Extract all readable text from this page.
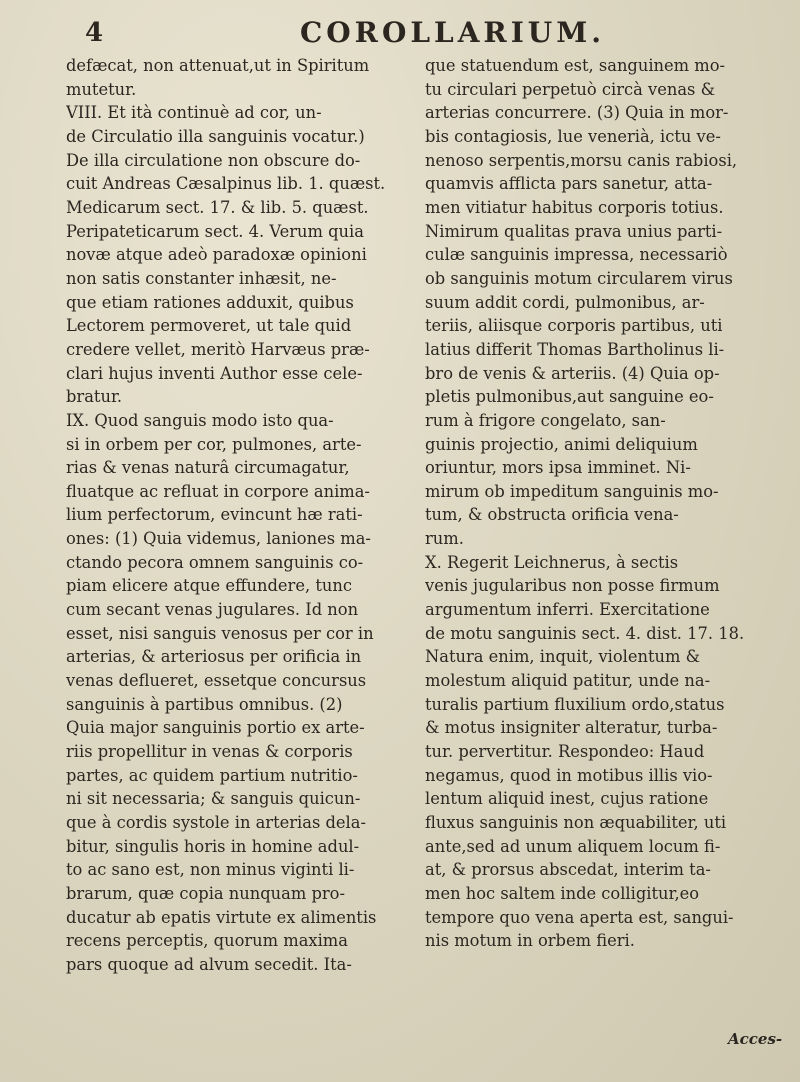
4	COROLLARIUM.
defæcat, non attenuat,ut in Spiritum
mutetur.
VIII. Et ità continuè ad cor, un-
de Circulatio illa sanguinis vocatur.)
De illa circulatione non obscure do-
cuit Andreas Cæsalpinus lib. 1. quæst.
Medicarum sect. 17. & lib. 5. quæst.
Peripateticarum sect. 4. Verum quia
novæ atque adeò paradoxæ opinioni
non satis constanter inhæsit, ne-
que etiam rationes adduxit, quibus
Lectorem permoveret, ut tale quid
credere vellet, meritò Harvæus præ-
clari hujus inventi Author esse cele-
bratur.
IX. Quod sanguis modo isto qua-
si in orbem per cor, pulmones, arte-
rias & venas naturâ circumagatur,
fluatque ac refluat in corpore anima-
lium perfectorum, evincunt hæ rati-
ones: (1) Quia videmus, laniones ma-
ctando pecora omnem sanguinis co-
piam elicere atque effundere, tunc
cum secant venas jugulares. Id non
esset, nisi sanguis venosus per cor in
arterias, & arteriosus per orificia in
venas deflueret, essetque concursus
sanguinis à partibus omnibus. (2)
Quia major sanguinis portio ex arte-
riis propellitur in venas & corporis
partes, ac quidem partium nutritio-
ni sit necessaria; & sanguis quicun-
que à cordis systole in arterias dela-
bitur, singulis horis in homine adul-
to ac sano est, non minus viginti li-
brarum, quæ copia nunquam pro-
ducatur ab epatis virtute ex alimentis
recens perceptis, quorum maxima
pars quoque ad alvum secedit. Ita-
que statuendum est, sanguinem mo-
tu circulari perpetuò circà venas &
arterias concurrere. (3) Quia in mor-
bis contagiosis, lue venerià, ictu ve-
nenoso serpentis,morsu canis rabiosi,
quamvis afflicta pars sanetur, atta-
men vitiatur habitus corporis totius.
Nimirum qualitas prava unius parti-
culæ sanguinis impressa, necessariò
ob sanguinis motum circularem virus
suum addit cordi, pulmonibus, ar-
teriis, aliisque corporis partibus, uti
latius differit Thomas Bartholinus li-
bro de venis & arteriis. (4) Quia op-
pletis pulmonibus,aut sanguine eo-
rum à frigore congelato, san-
guinis projectio, animi deliquium
oriuntur, mors ipsa imminet. Ni-
mirum ob impeditum sanguinis mo-
tum, & obstructa orificia vena-
rum.
X. Regerit Leichnerus, à sectis
venis jugularibus non posse firmum
argumentum inferri. Exercitatione
de motu sanguinis sect. 4. dist. 17. 18.
Natura enim, inquit, violentum &
molestum aliquid patitur, unde na-
turalis partium fluxilium ordo,status
& motus insigniter alteratur, turba-
tur. pervertitur. Respondeo: Haud
negamus, quod in motibus illis vio-
lentum aliquid inest, cujus ratione
fluxus sanguinis non æquabiliter, uti
ante,sed ad unum aliquem locum fi-
at, & prorsus abscedat, interim ta-
men hoc saltem inde colligitur,eo
tempore quo vena aperta est, sangui-
nis motum in orbem fieri.
Acces-
